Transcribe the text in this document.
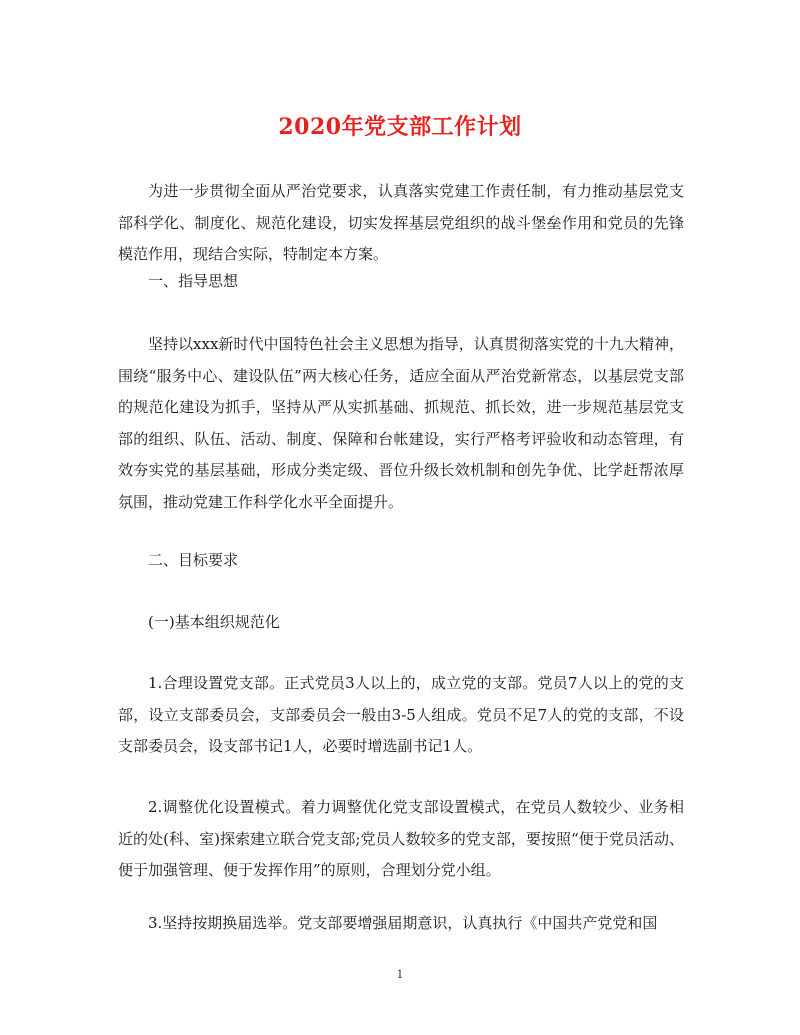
2020年党支部工作计划

为进一步贯彻全面从严治党要求，认真落实党建工作责任制，有力推动基层党支部科学化、制度化、规范化建设，切实发挥基层党组织的战斗堡垒作用和党员的先锋模范作用，现结合实际，特制定本方案。

一、指导思想

坚持以xxx新时代中国特色社会主义思想为指导，认真贯彻落实党的十九大精神，围绕“服务中心、建设队伍”两大核心任务，适应全面从严治党新常态，以基层党支部的规范化建设为抓手，坚持从严从实抓基础、抓规范、抓长效，进一步规范基层党支部的组织、队伍、活动、制度、保障和台帐建设，实行严格考评验收和动态管理，有效夯实党的基层基础，形成分类定级、晋位升级长效机制和创先争优、比学赶帮浓厚氛围，推动党建工作科学化水平全面提升。

二、目标要求

(一)基本组织规范化

1.合理设置党支部。正式党员3人以上的，成立党的支部。党员7人以上的党的支部，设立支部委员会，支部委员会一般由3-5人组成。党员不足7人的党的支部，不设支部委员会，设支部书记1人，必要时增选副书记1人。

2.调整优化设置模式。着力调整优化党支部设置模式，在党员人数较少、业务相近的处(科、室)探索建立联合党支部;党员人数较多的党支部，要按照“便于党员活动、便于加强管理、便于发挥作用”的原则，合理划分党小组。

3.坚持按期换届选举。党支部要增强届期意识，认真执行《中国共产党党和国

1
